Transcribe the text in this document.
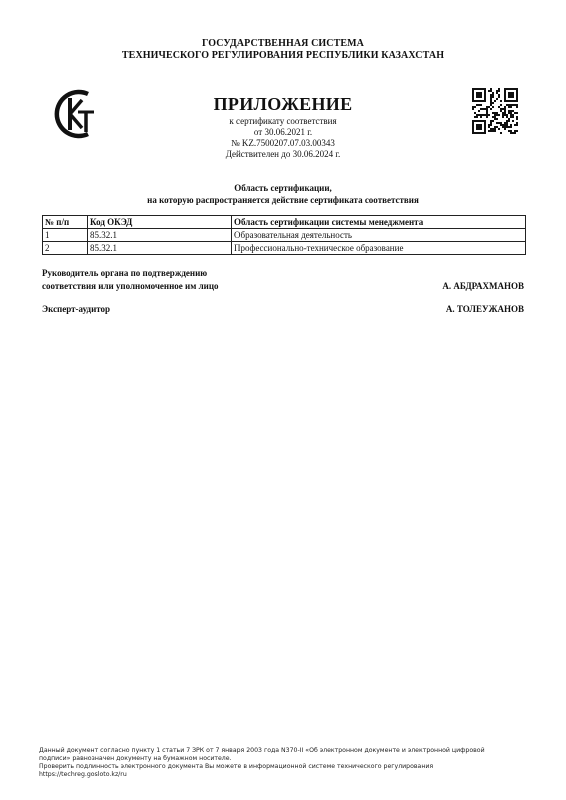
ГОСУДАРСТВЕННАЯ СИСТЕМА
ТЕХНИЧЕСКОГО РЕГУЛИРОВАНИЯ РЕСПУБЛИКИ КАЗАХСТАН
ПРИЛОЖЕНИЕ
к сертификату соответствия
от 30.06.2021 г.
№ KZ.7500207.07.03.00343
Действителен до 30.06.2024 г.
Область сертификации,
на которую распространяется действие сертификата соответствия
№ п/п	Код ОКЭД	Область сертификации системы менеджмента
1	85.32.1	Образовательная деятельность
2	85.32.1	Профессионально-техническое образование
Руководитель органа по подтверждению
соответствия или уполномоченное им лицо	А. АБДРАХМАНОВ
Эксперт-аудитор	А. ТОЛЕУЖАНОВ
Данный документ согласно пункту 1 статьи 7 ЗРК от 7 января 2003 года N370-II «Об электронном документе и электронной цифровой
подписи» равнозначен документу на бумажном носителе.
Проверить подлинность электронного документа Вы можете в информационной системе технического регулирования
https://techreg.gosloto.kz/ru
